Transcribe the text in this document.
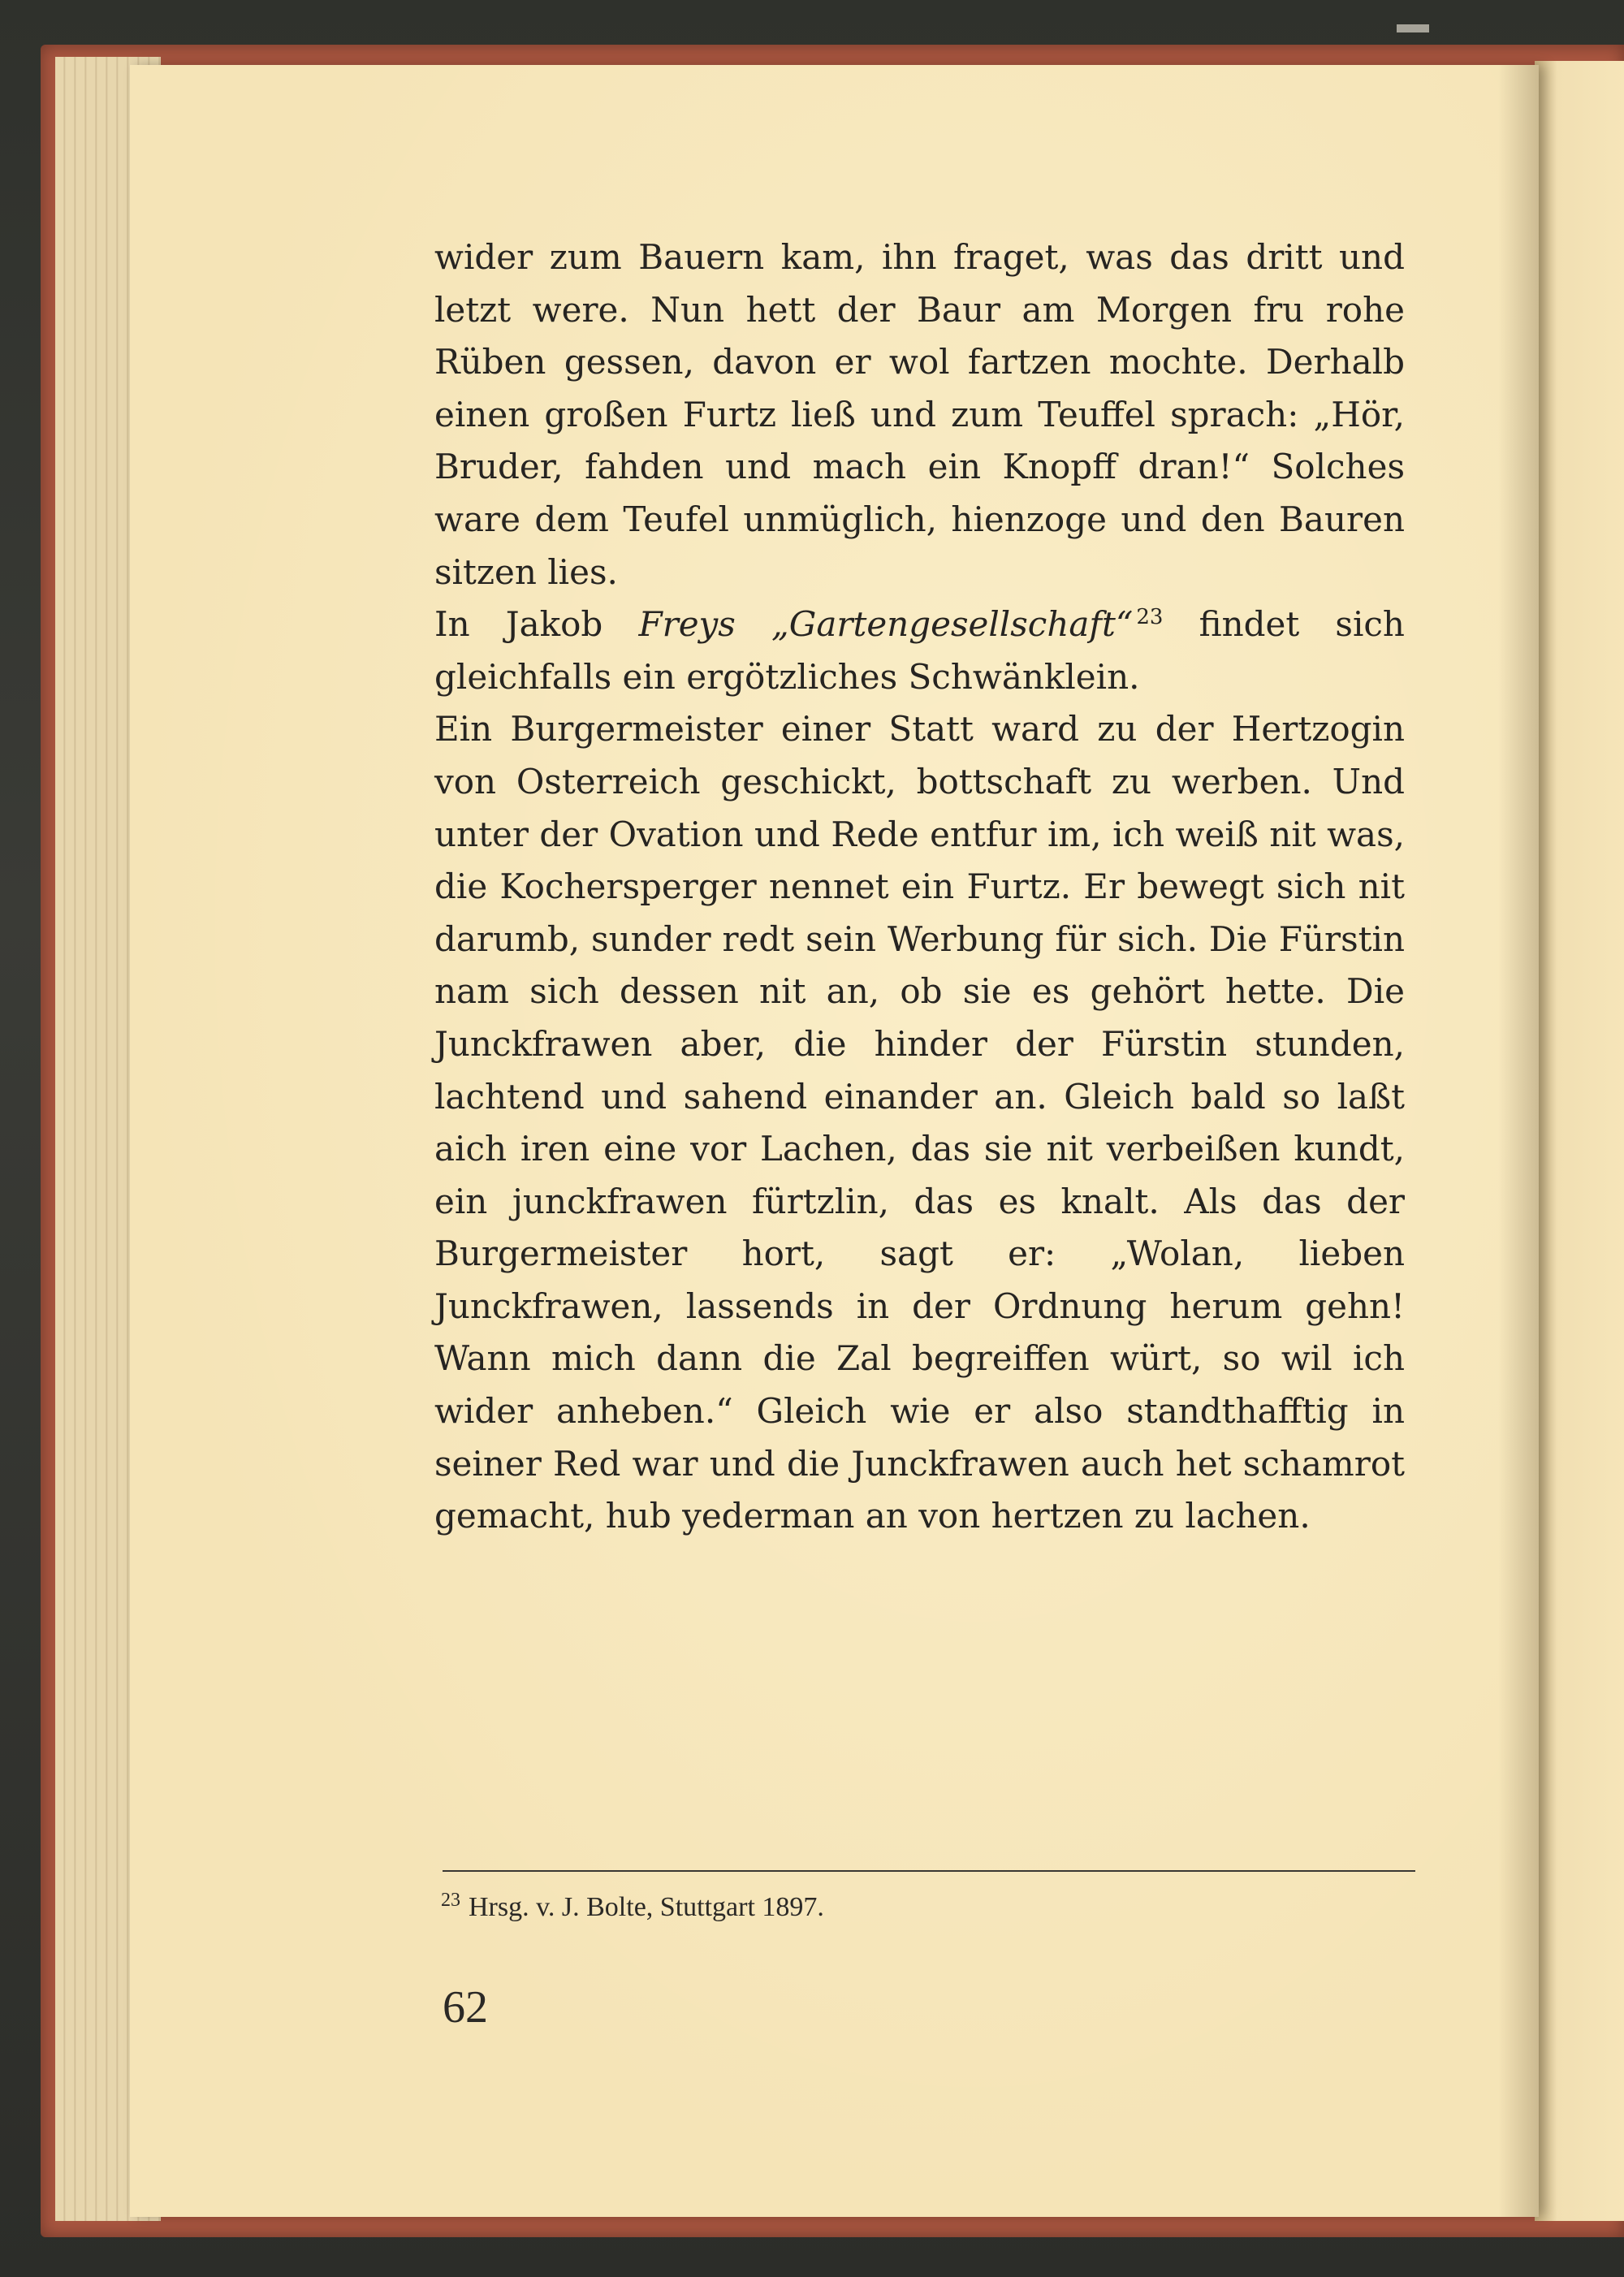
wider zum Bauern kam, ihn fraget, was das dritt und letzt were. Nun hett der Baur am Morgen fru rohe Rüben gessen, davon er wol fartzen mochte. Derhalb einen großen Furtz ließ und zum Teuffel sprach: „Hör, Bruder, fahden und mach ein Knopff dran!“ Solches ware dem Teufel unmüglich, hienzoge und den Bauren sitzen lies.

In Jakob Freys „Gartengesellschaft“ $^{23}$ findet sich gleichfalls ein ergötzliches Schwänklein.

Ein Burgermeister einer Statt ward zu der Hertzogin von Osterreich geschickt, bottschaft zu werben. Und unter der Ovation und Rede entfur im, ich weiß nit was, die Kochersperger nennet ein Furtz. Er bewegt sich nit darumb, sunder redt sein Werbung für sich. Die Fürstin nam sich dessen nit an, ob sie es gehört hette. Die Junckfrawen aber, die hinder der Fürstin stunden, lachtend und sahend einander an. Gleich bald so laßt aich iren eine vor Lachen, das sie nit verbeißen kundt, ein junckfrawen fürtzlin, das es knalt. Als das der Burgermeister hort, sagt er: „Wolan, lieben Junckfrawen, lassends in der Ordnung herum gehn! Wann mich dann die Zal begreiffen würt, so wil ich wider anheben.“ Gleich wie er also standthafftig in seiner Red war und die Junckfrawen auch het schamrot gemacht, hub yederman an von hertzen zu lachen.

$^{23}$ Hrsg. v. J. Bolte, Stuttgart 1897.
62
